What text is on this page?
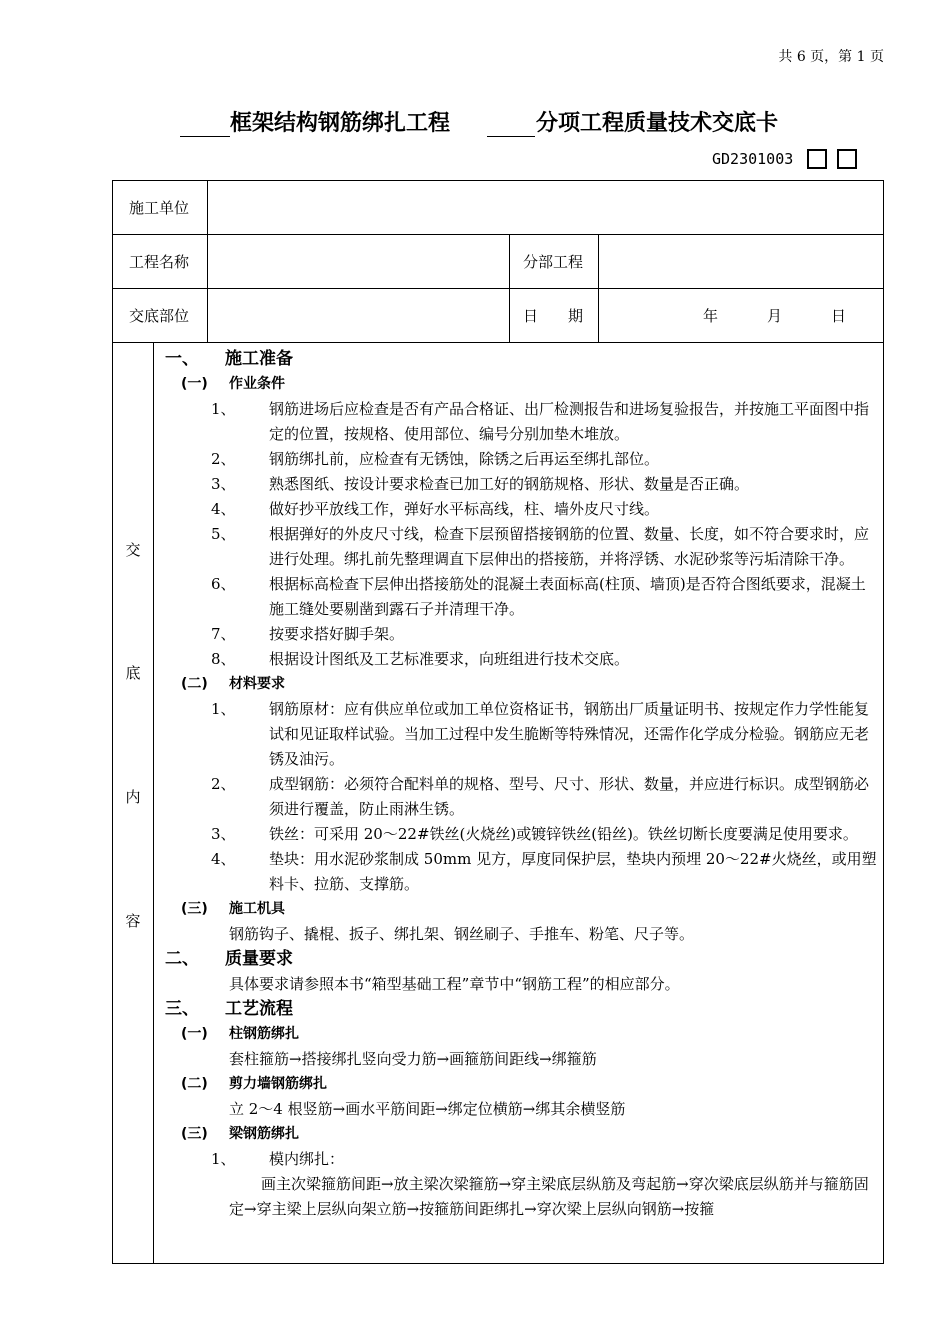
共 6 页，第 1 页
框架结构钢筋绑扎工程	分项工程质量技术交底卡
GD2301003
施工单位
工程名称	分部工程
交底部位	日　　期	年	月	日
交
底
内
容
一、 施工准备
(一) 作业条件
1、 钢筋进场后应检查是否有产品合格证、出厂检测报告和进场复验报告，并按施工平面图中指定的位置，按规格、使用部位、编号分别加垫木堆放。
2、 钢筋绑扎前，应检查有无锈蚀，除锈之后再运至绑扎部位。
3、 熟悉图纸、按设计要求检查已加工好的钢筋规格、形状、数量是否正确。
4、 做好抄平放线工作，弹好水平标高线，柱、墙外皮尺寸线。
5、 根据弹好的外皮尺寸线，检查下层预留搭接钢筋的位置、数量、长度，如不符合要求时，应进行处理。绑扎前先整理调直下层伸出的搭接筋，并将浮锈、水泥砂浆等污垢清除干净。
6、 根据标高检查下层伸出搭接筋处的混凝土表面标高(柱顶、墙顶)是否符合图纸要求，混凝土施工缝处要剔凿到露石子并清理干净。
7、 按要求搭好脚手架。
8、 根据设计图纸及工艺标准要求，向班组进行技术交底。
(二) 材料要求
1、 钢筋原材：应有供应单位或加工单位资格证书，钢筋出厂质量证明书、按规定作力学性能复试和见证取样试验。当加工过程中发生脆断等特殊情况，还需作化学成分检验。钢筋应无老锈及油污。
2、 成型钢筋：必须符合配料单的规格、型号、尺寸、形状、数量，并应进行标识。成型钢筋必须进行覆盖，防止雨淋生锈。
3、 铁丝：可采用 20～22#铁丝(火烧丝)或镀锌铁丝(铅丝)。铁丝切断长度要满足使用要求。
4、 垫块：用水泥砂浆制成 50mm 见方，厚度同保护层，垫块内预埋 20～22#火烧丝，或用塑料卡、拉筋、支撑筋。
(三) 施工机具
钢筋钩子、撬棍、扳子、绑扎架、钢丝刷子、手推车、粉笔、尺子等。
二、 质量要求
具体要求请参照本书“箱型基础工程”章节中“钢筋工程”的相应部分。
三、 工艺流程
(一) 柱钢筋绑扎
套柱箍筋→搭接绑扎竖向受力筋→画箍筋间距线→绑箍筋
(二) 剪力墙钢筋绑扎
立 2～4 根竖筋→画水平筋间距→绑定位横筋→绑其余横竖筋
(三) 梁钢筋绑扎
1、 模内绑扎：
画主次梁箍筋间距→放主梁次梁箍筋→穿主梁底层纵筋及弯起筋→穿次梁底层纵筋并与箍筋固定→穿主梁上层纵向架立筋→按箍筋间距绑扎→穿次梁上层纵向钢筋→按箍
